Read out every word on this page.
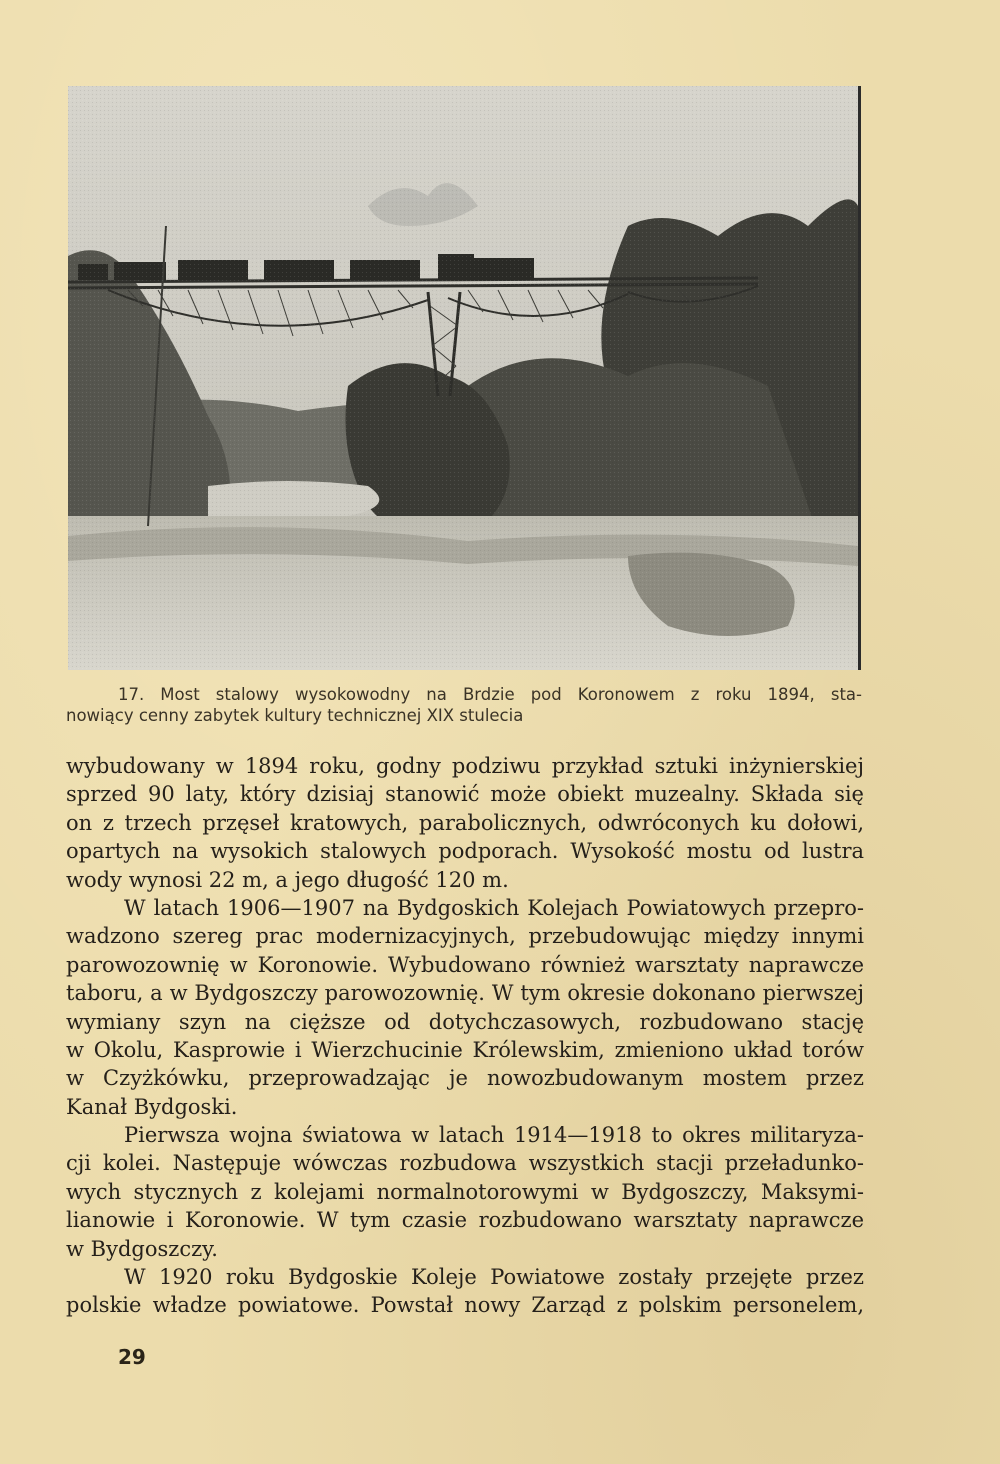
17. Most stalowy wysokowodny na Brdzie pod Koronowem z roku 1894, sta-
nowiący cenny zabytek kultury technicznej XIX stulecia

wybudowany w 1894 roku, godny podziwu przykład sztuki inżynierskiej
sprzed 90 laty, który dzisiaj stanowić może obiekt muzealny. Składa się
on z trzech przęseł kratowych, parabolicznych, odwróconych ku dołowi,
opartych na wysokich stalowych podporach. Wysokość mostu od lustra
wody wynosi 22 m, a jego długość 120 m.
W latach 1906—1907 na Bydgoskich Kolejach Powiatowych przepro-
wadzono szereg prac modernizacyjnych, przebudowując między innymi
parowozownię w Koronowie. Wybudowano również warsztaty naprawcze
taboru, a w Bydgoszczy parowozownię. W tym okresie dokonano pierwszej
wymiany szyn na cięższe od dotychczasowych, rozbudowano stację
w Okolu, Kasprowie i Wierzchucinie Królewskim, zmieniono układ torów
w Czyżkówku, przeprowadzając je nowozbudowanym mostem przez
Kanał Bydgoski.
Pierwsza wojna światowa w latach 1914—1918 to okres militaryza-
cji kolei. Następuje wówczas rozbudowa wszystkich stacji przeładunko-
wych stycznych z kolejami normalnotorowymi w Bydgoszczy, Maksymi-
lianowie i Koronowie. W tym czasie rozbudowano warsztaty naprawcze
w Bydgoszczy.
W 1920 roku Bydgoskie Koleje Powiatowe zostały przejęte przez
polskie władze powiatowe. Powstał nowy Zarząd z polskim personelem,
29
